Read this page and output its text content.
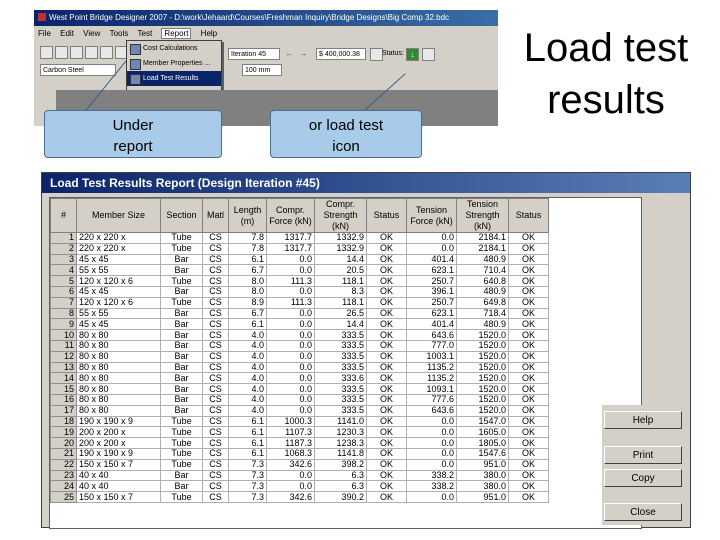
West Point Bridge Designer 2007 - D:\work\Jehaard\Courses\Freshman Inquiry\Bridge Designs\Big Comp 32.bdc
File Edit View Tools Test Report Help
Carbon Steel
Iteration 45	← →
100 mm
$ 400,000.38	Status: ↓
Cost Calculations
Member Properties ...
Load Test Results
Under report
or load test icon
Load test results
Load Test Results Report (Design Iteration #45)
#	Member Size	Section	Matl	Length (m)	Compr. Force (kN)	Compr. Strength (kN)	Status	Tension Force (kN)	Tension Strength (kN)	Status
1	220 x 220 x	Tube	CS	7.8	1317.7	1332.9	OK	0.0	2184.1	OK
2	220 x 220 x	Tube	CS	7.8	1317.7	1332.9	OK	0.0	2184.1	OK
3	45 x 45	Bar	CS	6.1	0.0	14.4	OK	401.4	480.9	OK
4	55 x 55	Bar	CS	6.7	0.0	20.5	OK	623.1	710.4	OK
5	120 x 120 x 6	Tube	CS	8.0	111.3	118.1	OK	250.7	640.8	OK
6	45 x 45	Bar	CS	8.0	0.0	8.3	OK	396.1	480.9	OK
7	120 x 120 x 6	Tube	CS	8.9	111.3	118.1	OK	250.7	649.8	OK
8	55 x 55	Bar	CS	6.7	0.0	26.5	OK	623.1	718.4	OK
9	45 x 45	Bar	CS	6.1	0.0	14.4	OK	401.4	480.9	OK
10	80 x 80	Bar	CS	4.0	0.0	333.5	OK	643.6	1520.0	OK
11	80 x 80	Bar	CS	4.0	0.0	333.5	OK	777.0	1520.0	OK
12	80 x 80	Bar	CS	4.0	0.0	333.5	OK	1003.1	1520.0	OK
13	80 x 80	Bar	CS	4.0	0.0	333.5	OK	1135.2	1520.0	OK
14	80 x 80	Bar	CS	4.0	0.0	333.6	OK	1135.2	1520.0	OK
15	80 x 80	Bar	CS	4.0	0.0	333.5	OK	1093.1	1520.0	OK
16	80 x 80	Bar	CS	4.0	0.0	333.5	OK	777.6	1520.0	OK
17	80 x 80	Bar	CS	4.0	0.0	333.5	OK	643.6	1520.0	OK
18	190 x 190 x 9	Tube	CS	6.1	1000.3	1141.0	OK	0.0	1547.0	OK
19	200 x 200 x	Tube	CS	6.1	1107.3	1230.3	OK	0.0	1605.0	OK
20	200 x 200 x	Tube	CS	6.1	1187.3	1238.3	OK	0.0	1805.0	OK
21	190 x 190 x 9	Tube	CS	6.1	1068.3	1141.8	OK	0.0	1547.6	OK
22	150 x 150 x 7	Tube	CS	7.3	342.6	398.2	OK	0.0	951.0	OK
23	40 x 40	Bar	CS	7.3	0.0	6.3	OK	338.2	380.0	OK
24	40 x 40	Bar	CS	7.3	0.0	6.3	OK	338.2	380.0	OK
25	150 x 150 x 7	Tube	CS	7.3	342.6	390.2	OK	0.0	951.0	OK
Help
Print
Copy
Close
